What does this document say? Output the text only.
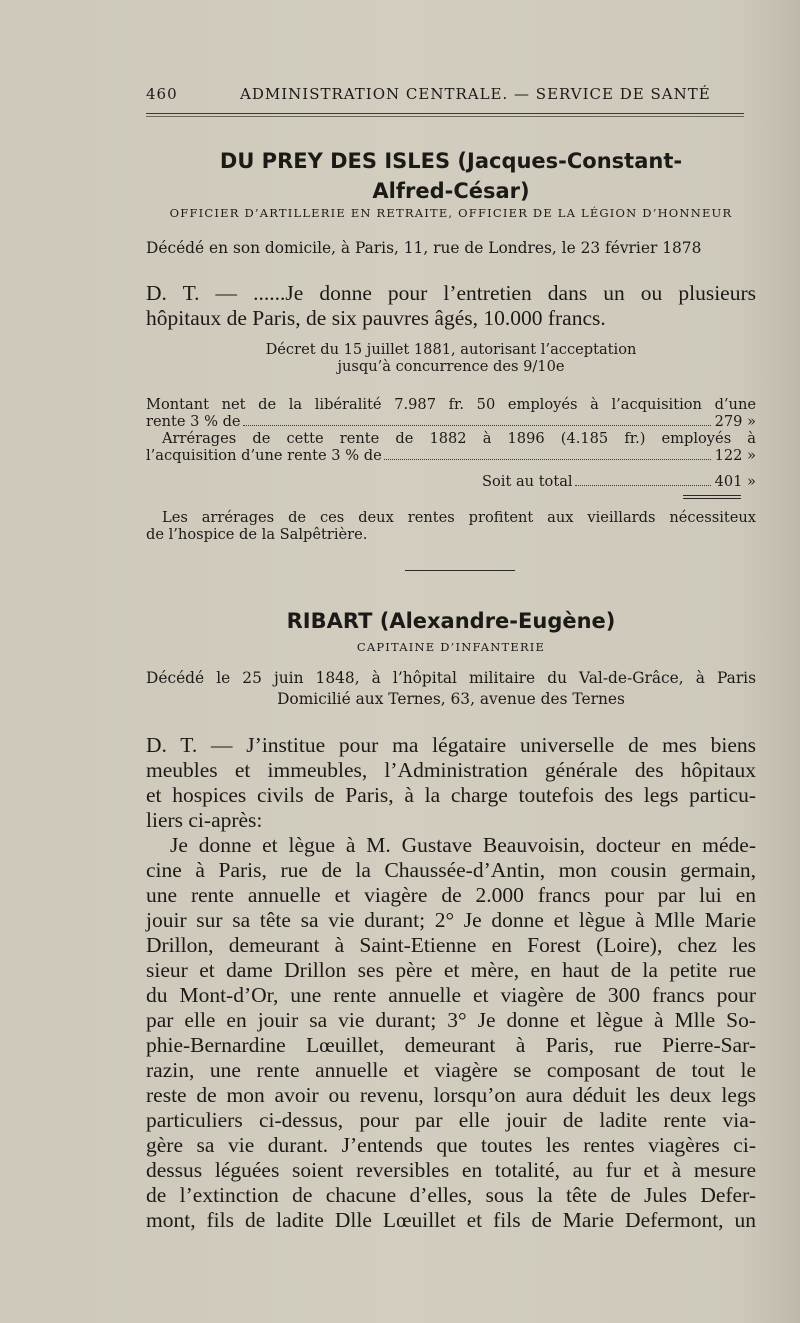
460	ADMINISTRATION CENTRALE. — SERVICE DE SANTÉ
DU PREY DES ISLES (Jacques-Constant-
Alfred-César)
OFFICIER D’ARTILLERIE EN RETRAITE, OFFICIER DE LA LÉGION D’HONNEUR
Décédé en son domicile, à Paris, 11, rue de Londres, le 23 février 1878
D. T. — ......Je donne pour l’entretien dans un ou plusieurs
hôpitaux de Paris, de six pauvres âgés, 10.000 francs.
Décret du 15 juillet 1881, autorisant l’acceptation
jusqu’à concurrence des 9/10e
Montant net de la libéralité 7.987 fr. 50 employés à l’acquisition d’une
rente 3 % de	279 »
Arrérages de cette rente de 1882 à 1896 (4.185 fr.) employés à
l’acquisition d’une rente 3 % de	122 »
Soit au total	401 »
Les arrérages de ces deux rentes profitent aux vieillards nécessiteux
de l’hospice de la Salpêtrière.
RIBART (Alexandre-Eugène)
CAPITAINE D’INFANTERIE
Décédé le 25 juin 1848, à l’hôpital militaire du Val-de-Grâce, à Paris
Domicilié aux Ternes, 63, avenue des Ternes
D. T. — J’institue pour ma légataire universelle de mes biens
meubles et immeubles, l’Administration générale des hôpitaux
et hospices civils de Paris, à la charge toutefois des legs particu-
liers ci-après:
Je donne et lègue à M. Gustave Beauvoisin, docteur en méde-
cine à Paris, rue de la Chaussée-d’Antin, mon cousin germain,
une rente annuelle et viagère de 2.000 francs pour par lui en
jouir sur sa tête sa vie durant; 2° Je donne et lègue à Mlle Marie
Drillon, demeurant à Saint-Etienne en Forest (Loire), chez les
sieur et dame Drillon ses père et mère, en haut de la petite rue
du Mont-d’Or, une rente annuelle et viagère de 300 francs pour
par elle en jouir sa vie durant; 3° Je donne et lègue à Mlle So-
phie-Bernardine Lœuillet, demeurant à Paris, rue Pierre-Sar-
razin, une rente annuelle et viagère se composant de tout le
reste de mon avoir ou revenu, lorsqu’on aura déduit les deux legs
particuliers ci-dessus, pour par elle jouir de ladite rente via-
gère sa vie durant. J’entends que toutes les rentes viagères ci-
dessus léguées soient reversibles en totalité, au fur et à mesure
de l’extinction de chacune d’elles, sous la tête de Jules Defer-
mont, fils de ladite Dlle Lœuillet et fils de Marie Defermont, un
